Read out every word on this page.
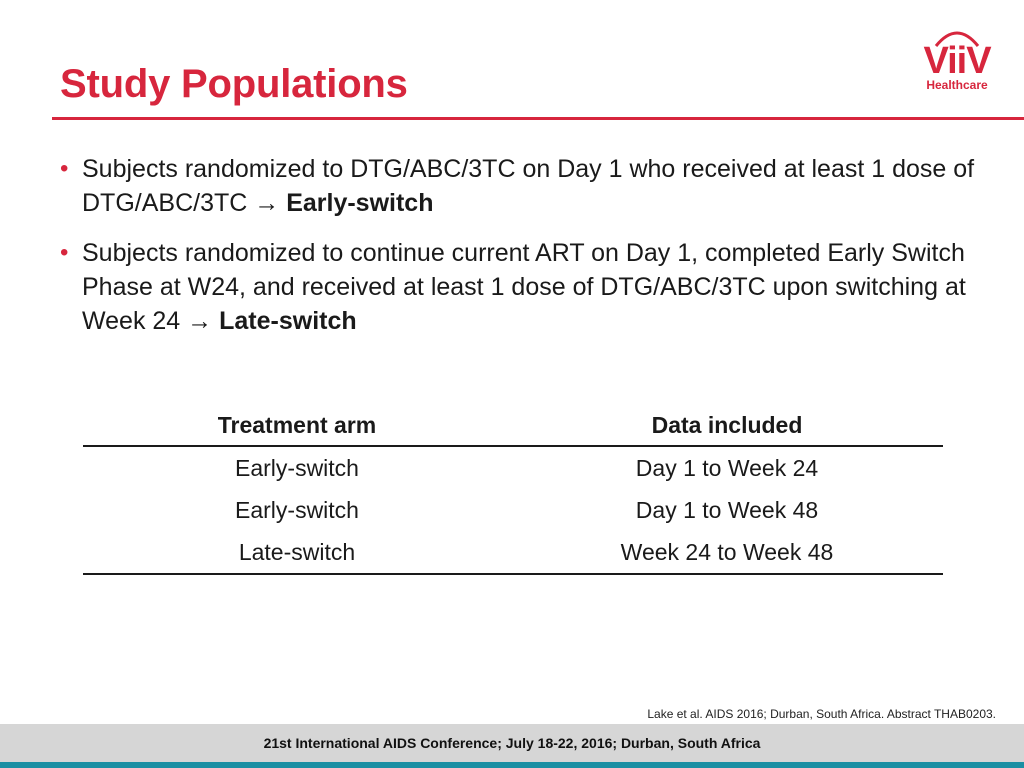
Study Populations
ViiV
Healthcare
• Subjects randomized to DTG/ABC/3TC on Day 1 who received at least 1 dose of DTG/ABC/3TC → Early-switch
• Subjects randomized to continue current ART on Day 1, completed Early Switch Phase at W24, and received at least 1 dose of DTG/ABC/3TC upon switching at Week 24 → Late-switch
Treatment arm	Data included
Early-switch	Day 1 to Week 24
Early-switch	Day 1 to Week 48
Late-switch	Week 24 to Week 48
Lake et al. AIDS 2016; Durban, South Africa. Abstract THAB0203.
21st International AIDS Conference; July 18-22, 2016; Durban, South Africa
